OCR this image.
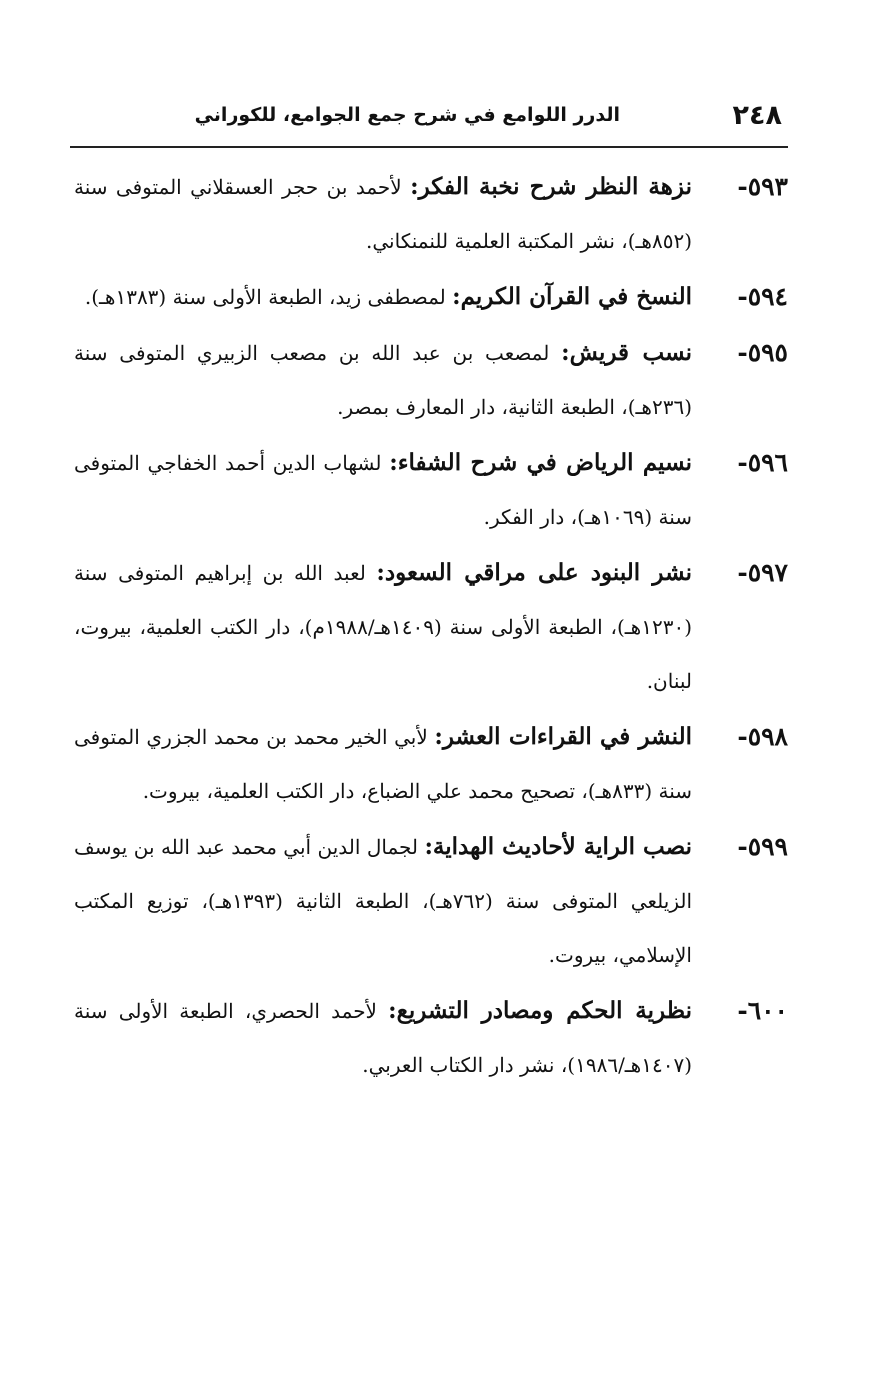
٢٤٨
الدرر اللوامع في شرح جمع الجوامع، للكوراني
٥٩٣-
نزهة النظر شرح نخبة الفكر: لأحمد بن حجر العسقلاني المتوفى سنة (٨٥٢هـ)، نشر المكتبة العلمية للنمنكاني.
٥٩٤-
النسخ في القرآن الكريم: لمصطفى زيد، الطبعة الأولى سنة (١٣٨٣هـ).
٥٩٥-
نسب قريش: لمصعب بن عبد الله بن مصعب الزبيري المتوفى سنة (٢٣٦هـ)، الطبعة الثانية، دار المعارف بمصر.
٥٩٦-
نسيم الرياض في شرح الشفاء: لشهاب الدين أحمد الخفاجي المتوفى سنة (١٠٦٩هـ)، دار الفكر.
٥٩٧-
نشر البنود على مراقي السعود: لعبد الله بن إبراهيم المتوفى سنة (١٢٣٠هـ)، الطبعة الأولى سنة (١٤٠٩هـ/١٩٨٨م)، دار الكتب العلمية، بيروت، لبنان.
٥٩٨-
النشر في القراءات العشر: لأبي الخير محمد بن محمد الجزري المتوفى سنة (٨٣٣هـ)، تصحيح محمد علي الضباع، دار الكتب العلمية، بيروت.
٥٩٩-
نصب الراية لأحاديث الهداية: لجمال الدين أبي محمد عبد الله بن يوسف الزيلعي المتوفى سنة (٧٦٢هـ)، الطبعة الثانية (١٣٩٣هـ)، توزيع المكتب الإسلامي، بيروت.
٦٠٠-
نظرية الحكم ومصادر التشريع: لأحمد الحصري، الطبعة الأولى سنة (١٤٠٧هـ/١٩٨٦)، نشر دار الكتاب العربي.
